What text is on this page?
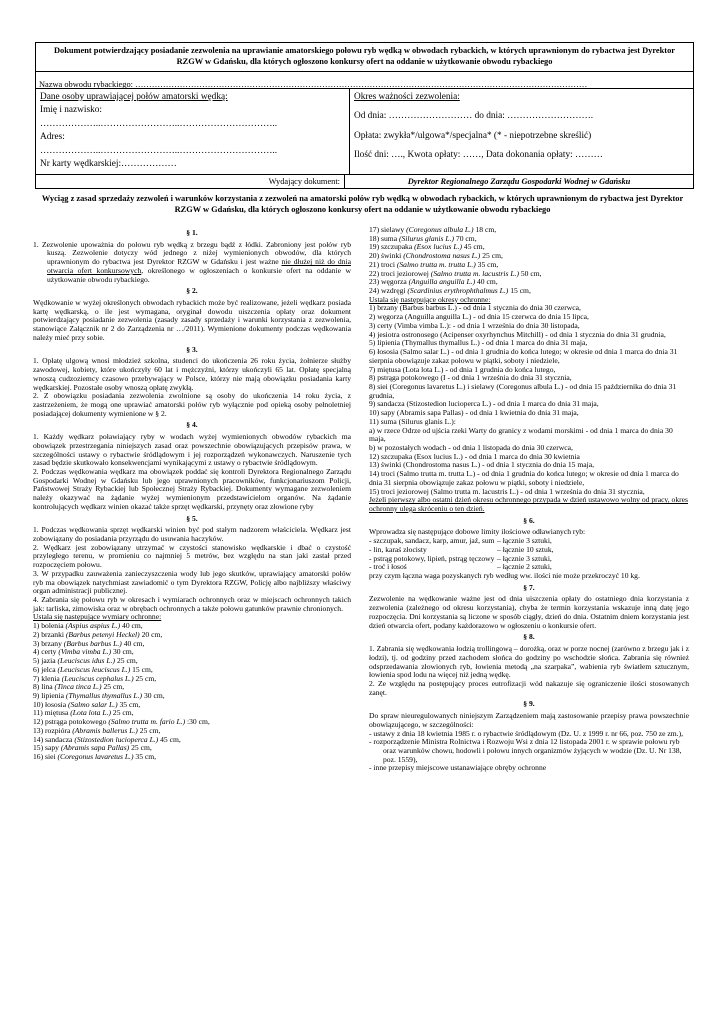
Dokument potwierdzający posiadanie zezwolenia na uprawianie amatorskiego połowu ryb wędką w obwodach rybackich, w których uprawnionym do rybactwa jest Dyrektor RZGW w Gdańsku, dla których ogłoszono konkursy ofert na oddanie w użytkowanie obwodu rybackiego
Nazwa obwodu rybackiego: ………………………………………………………………………………………………………………………………………………
Dane osoby uprawiającej połów amatorski wędką:
Imię i nazwisko:
………………..……………………..…………………………..
Adres:
………………..……………………..…………………………..
Nr karty wędkarskiej:………………
Okres ważności zezwolenia:
Od dnia: ……………………… do dnia: ……………………….
Opłata: zwykła*/ulgowa*/specjalna* (* - niepotrzebne skreślić)
Ilość dni: …., Kwota opłaty: ……, Data dokonania opłaty: ………
Wydający dokument:	Dyrektor Regionalnego Zarządu Gospodarki Wodnej w Gdańsku
Wyciąg z zasad sprzedaży zezwoleń i warunków korzystania z zezwoleń na amatorski połów ryb wędką w obwodach rybackich, w których uprawnionym do rybactwa jest Dyrektor RZGW w Gdańsku, dla których ogłoszono konkursy ofert na oddanie w użytkowanie obwodu rybackiego
§ 1.

1. Zezwolenie upoważnia do połowu ryb wędką z brzegu bądź z łódki. Zabroniony jest połów ryb kuszą. Zezwolenie dotyczy wód jednego z niżej wymienionych obwodów, dla których uprawnionym do rybactwa jest Dyrektor RZGW w Gdańsku i jest ważne nie dłużej niż do dnia otwarcia ofert konkursowych, określonego w ogłoszeniach o konkursie ofert na oddanie w użytkowanie obwodu rybackiego.

§ 2.

Wędkowanie w wyżej określonych obwodach rybackich może być realizowane, jeżeli wędkarz posiada kartę wędkarską, o ile jest wymagana, oryginał dowodu uiszczenia opłaty oraz dokument potwierdzający posiadanie zezwolenia (zasady zasady sprzedaży i warunki korzystania z zezwolenia, stanowiące Załącznik nr 2 do Zarządzenia nr …/2011). Wymienione dokumenty podczas wędkowania należy mieć przy sobie.

§ 3.

1. Opłatę ulgową wnosi młodzież szkolna, studenci do ukończenia 26 roku życia, żołnierze służby zawodowej, kobiety, które ukończyły 60 lat i mężczyźni, którzy ukończyli 65 lat. Opłatę specjalną wnoszą cudzoziemcy czasowo przebywający w Polsce, którzy nie mają obowiązku posiadania karty wędkarskiej. Pozostałe osoby wnoszą opłatę zwykłą.

2. Z obowiązku posiadania zezwolenia zwolnione są osoby do ukończenia 14 roku życia, z zastrzeżeniem, że mogą one uprawiać amatorski połów ryb wyłącznie pod opieką osoby pełnoletniej posiadającej dokumenty wymienione w § 2.

§ 4.

1. Każdy wędkarz poławiający ryby w wodach wyżej wymienionych obwodów rybackich ma obowiązek przestrzegania niniejszych zasad oraz powszechnie obowiązujących przepisów prawa, w szczególności ustawy o rybactwie śródlądowym i jej rozporządzeń wykonawczych. Naruszenie tych zasad będzie skutkowało konsekwencjami wynikającymi z ustawy o rybactwie śródlądowym.

2. Podczas wędkowania wędkarz ma obowiązek poddać się kontroli Dyrektora Regionalnego Zarządu Gospodarki Wodnej w Gdańsku lub jego uprawnionych pracowników, funkcjonariuszom Policji, Państwowej Straży Rybackiej lub Społecznej Straży Rybackiej. Dokumenty wymagane zezwoleniem należy okazywać na żądanie wyżej wymienionym przedstawicielom organów. Na żądanie kontrolujących wędkarz winien okazać także sprzęt wędkarski, przynęty oraz złowione ryby

§ 5.

1. Podczas wędkowania sprzęt wędkarski winien być pod stałym nadzorem właściciela. Wędkarz jest zobowiązany do posiadania przyrządu do usuwania haczyków.

2. Wędkarz jest zobowiązany utrzymać w czystości stanowisko wędkarskie i dbać o czystość przyległego terenu, w promieniu co najmniej 5 metrów, bez względu na stan jaki zastał przed rozpoczęciem połowu.

3. W przypadku zauważenia zanieczyszczenia wody lub jego skutków, uprawiający amatorski połów ryb ma obowiązek natychmiast zawiadomić o tym Dyrektora RZGW, Policję albo najbliższy właściwy organ administracji publicznej.

4. Zabrania się połowu ryb w okresach i wymiarach ochronnych oraz w miejscach ochronnych takich jak: tarliska, zimowiska oraz w obrębach ochronnych a także połowu gatunków prawnie chronionych.

Ustala się następujące wymiary ochronne:
1) bolenia (Aspius aspius L.) 40 cm,
2) brzanki (Barbus petenyi Heckel) 20 cm,
3) brzany (Barbus barbus L.) 40 cm,
4) certy (Vimba vimba L.) 30 cm,
5) jazia (Leuciscus idus L.) 25 cm,
6) jelca (Leuciscus leuciscus L.) 15 cm,
7) klenia (Leuciscus cephalus L.) 25 cm,
8) lina (Tinca tinca L.) 25 cm,
9) lipienia (Thymallus thymallus L.) 30 cm,
10) łososia (Salmo salar L.) 35 cm,
11) miętusa (Lota lota L.) 25 cm,
12) pstrąga potokowego (Salmo trutta m. fario L.) :30 cm,
13) rozpióra (Abramis ballerus L.) 25 cm,
14) sandacza (Stizostedion lucioperca L.) 45 cm,
15) sapy (Abramis sapa Pallas) 25 cm,
16) siei (Coregonus lavaretus L.) 35 cm,
17) sielawy (Coregonus albula L.) 18 cm,
18) suma (Silurus glanis L.) 70 cm,
19) szczupaka (Esox lucius L.) 45 cm,
20) świnki (Chondrostoma nasus L.) 25 cm,
21) troci (Salmo trutta m. trutta L.) 35 cm,
22) troci jeziorowej (Salmo trutta m. lacustris L.) 50 cm,
23) węgorza (Anguilla anguilla L.) 40 cm,
24) wzdręgi (Scardinius erythrophthalmus L.) 15 cm,
Ustala się następujące okresy ochronne:
1) brzany (Barbus barbus L.) - od dnia 1 stycznia do dnia 30 czerwca,
2) węgorza (Anguilla anguilla L.) - od dnia 15 czerwca do dnia 15 lipca,
3) certy (Vimba vimba L.): - od dnia 1 września do dnia 30 listopada,
4) jesiotra ostronosego (Acipenser oxyrhynchus Mitchill) - od dnia 1 stycznia do dnia 31 grudnia,
5) lipienia (Thymallus thymallus L.) - od dnia 1 marca do dnia 31 maja,
6) łososia (Salmo salar L.) - od dnia 1 grudnia do końca lutego; w okresie od dnia 1 marca do dnia 31 sierpnia obowiązuje zakaz połowu w piątki, soboty i niedziele,
7) miętusa (Lota lota L.) - od dnia 1 grudnia do końca lutego,
8) pstrąga potokowego (I - od dnia 1 września do dnia 31 stycznia,
8) siei (Coregonus lavaretus L.) i sielawy (Coregonus albula L.) - od dnia 15 października do dnia 31 grudnia,
9) sandacza (Stizostedion lucioperca L.) - od dnia 1 marca do dnia 31 maja,
10) sapy (Abramis sapa Pallas) - od dnia 1 kwietnia do dnia 31 maja,
11) suma (Silurus glanis L.):
a) w rzece Odrze od ujścia rzeki Warty do granicy z wodami morskimi - od dnia 1 marca do dnia 30 maja,
b) w pozostałych wodach - od dnia 1 listopada do dnia 30 czerwca,
12) szczupaka (Esox lucius L.) - od dnia 1 marca do dnia 30 kwietnia
13) świnki (Chondrostoma nasus L.) - od dnia 1 stycznia do dnia 15 maja,
14) troci (Salmo trutta m. trutta L.) - od dnia 1 grudnia do końca lutego; w okresie od dnia 1 marca do dnia 31 sierpnia obowiązuje zakaz połowu w piątki, soboty i niedziele,
15) troci jeziorowej (Salmo trutta m. lacustris L.) - od dnia 1 września do dnia 31 stycznia,
Jeżeli pierwszy albo ostatni dzień okresu ochronnego przypada w dzień ustawowo wolny od pracy, okres ochronny ulega skróceniu o ten dzień.
§ 6.
Wprowadza się następujące dobowe limity ilościowe odławianych ryb:
- szczupak, sandacz, karp, amur, jaź, sum – łącznie 3 sztuki,
- lin, karaś złocisty	– łącznie 10 sztuk,
- pstrąg potokowy, lipień, pstrąg tęczowy – łącznie 3 sztuki,
- troć i łosoś	– łącznie 2 sztuki,
przy czym łączna waga pozyskanych ryb według ww. ilości nie może przekroczyć 10 kg.
§ 7.

Zezwolenie na wędkowanie ważne jest od dnia uiszczenia opłaty do ostatniego dnia korzystania z zezwolenia (zależnego od okresu korzystania), chyba że termin korzystania wskazuje inną datę jego rozpoczęcia. Dni korzystania są liczone w sposób ciągły, dzień do dnia. Ostatnim dniem korzystania jest dzień otwarcia ofert, podany każdorazowo w ogłoszeniu o konkursie ofert.

§ 8.

1. Zabrania się wędkowania łodzią trollingową – dorożką, oraz w porze nocnej (zarówno z brzegu jak i z łodzi), tj. od godziny przed zachodem słońca do godziny po wschodzie słońca. Zabrania się również odsprzedawania złowionych ryb, łowienia metodą „na szarpaka”, wabienia ryb światłem sztucznym, łowienia spod lodu na więcej niż jedną wędkę.

2. Ze względu na postępujący proces eutrofizacji wód nakazuje się ograniczenie ilości stosowanych zanęt.

§ 9.

Do spraw nieuregulowanych niniejszym Zarządzeniem mają zastosowanie przepisy prawa powszechnie obowiązującego, w szczególności:

- ustawy z dnia 18 kwietnia 1985 r. o rybactwie śródlądowym (Dz. U. z 1999 r. nr 66, poz. 750 ze zm.),
- rozporządzenie Ministra Rolnictwa i Rozwoju Wsi z dnia 12 listopada 2001 r. w sprawie połowu ryb oraz warunków chowu, hodowli i połowu innych organizmów żyjących w wodzie (Dz. U. Nr 138, poz. 1559),
- inne przepisy miejscowe ustanawiające obręby ochronne
